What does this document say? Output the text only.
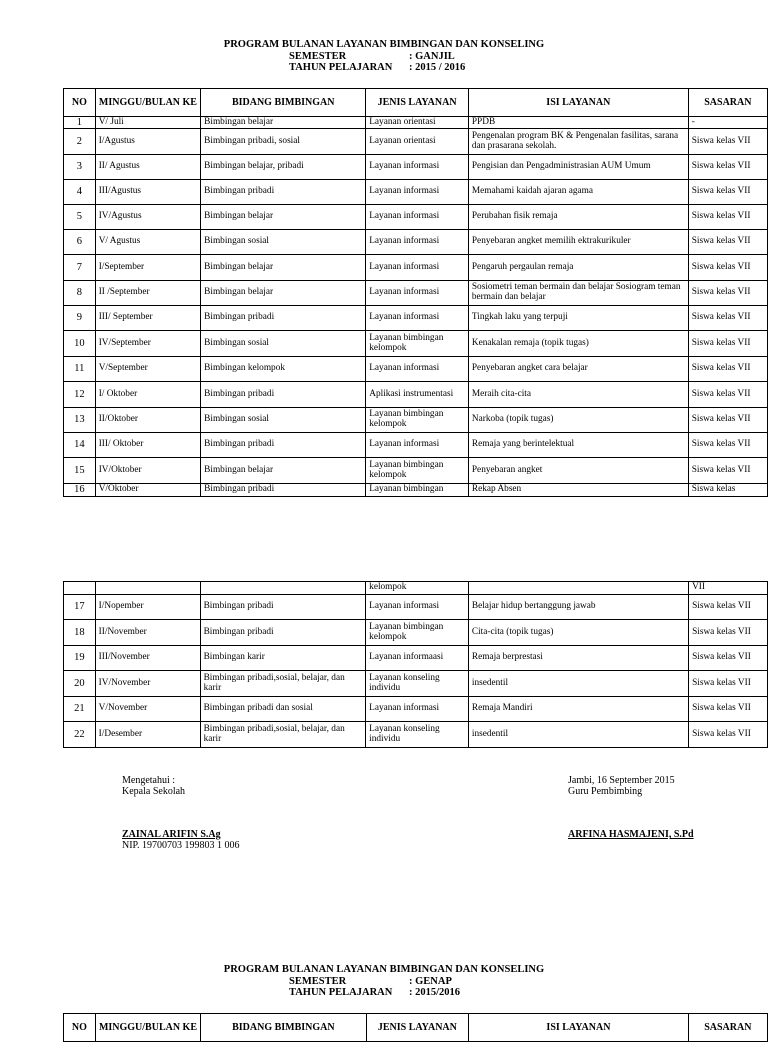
PROGRAM BULANAN LAYANAN BIMBINGAN DAN KONSELING
SEMESTER	: GANJIL
TAHUN PELAJARAN : 2015 / 2016
NO	MINGGU/BULAN KE	BIDANG BIMBINGAN	JENIS LAYANAN	ISI LAYANAN	SASARAN
1	V/ Juli	Bimbingan belajar	Layanan orientasi	PPDB	-
2	I/Agustus	Bimbingan pribadi, sosial	Layanan orientasi	Pengenalan program BK & Pengenalan fasilitas, sarana dan prasarana sekolah.	Siswa kelas VII
3	II/ Agustus	Bimbingan belajar, pribadi	Layanan informasi	Pengisian dan Pengadministrasian AUM Umum	Siswa kelas VII
4	III/Agustus	Bimbingan pribadi	Layanan informasi	Memahami kaidah ajaran agama	Siswa kelas VII
5	IV/Agustus	Bimbingan belajar	Layanan informasi	Perubahan fisik remaja	Siswa kelas VII
6	V/ Agustus	Bimbingan sosial	Layanan informasi	Penyebaran angket memilih ektrakurikuler	Siswa kelas VII
7	I/September	Bimbingan belajar	Layanan informasi	Pengaruh pergaulan remaja	Siswa kelas VII
8	II /September	Bimbingan belajar	Layanan informasi	Sosiometri teman bermain dan belajar Sosiogram teman bermain dan belajar	Siswa kelas VII
9	III/ September	Bimbingan pribadi	Layanan informasi	Tingkah laku yang terpuji	Siswa kelas VII
10	IV/September	Bimbingan sosial	Layanan bimbingan kelompok	Kenakalan remaja (topik tugas)	Siswa kelas VII
11	V/September	Bimbingan kelompok	Layanan informasi	Penyebaran angket cara belajar	Siswa kelas VII
12	I/ Oktober	Bimbingan pribadi	Aplikasi instrumentasi	Meraih cita-cita	Siswa kelas VII
13	II/Oktober	Bimbingan sosial	Layanan bimbingan kelompok	Narkoba (topik tugas)	Siswa kelas VII
14	III/ Oktober	Bimbingan pribadi	Layanan informasi	Remaja yang berintelektual	Siswa kelas VII
15	IV/Oktober	Bimbingan belajar	Layanan bimbingan kelompok	Penyebaran angket	Siswa kelas VII
16	V/Oktober	Bimbingan pribadi	Layanan bimbingan	Rekap Absen	Siswa kelas
			kelompok		VII
17	I/Nopember	Bimbingan pribadi	Layanan informasi	Belajar hidup bertanggung jawab	Siswa kelas VII
18	II/November	Bimbingan pribadi	Layanan bimbingan kelompok	Cita-cita (topik tugas)	Siswa kelas VII
19	III/November	Bimbingan karir	Layanan informaasi	Remaja berprestasi	Siswa kelas VII
20	IV/November	Bimbingan pribadi,sosial, belajar, dan karir	Layanan konseling individu	insedentil	Siswa kelas VII
21	V/November	Bimbingan pribadi dan sosial	Layanan informasi	Remaja Mandiri	Siswa kelas VII
22	I/Desember	Bimbingan pribadi,sosial, belajar, dan karir	Layanan konseling individu	insedentil	Siswa kelas VII
Mengetahui :
Kepala Sekolah
ZAINAL ARIFIN S.Ag
NIP. 19700703 199803 1 006
Jambi, 16 September 2015
Guru Pembimbing
ARFINA HASMAJENI, S.Pd
PROGRAM BULANAN LAYANAN BIMBINGAN DAN KONSELING
SEMESTER	: GENAP
TAHUN PELAJARAN : 2015/2016
NO	MINGGU/BULAN KE	BIDANG BIMBINGAN	JENIS LAYANAN	ISI LAYANAN	SASARAN
